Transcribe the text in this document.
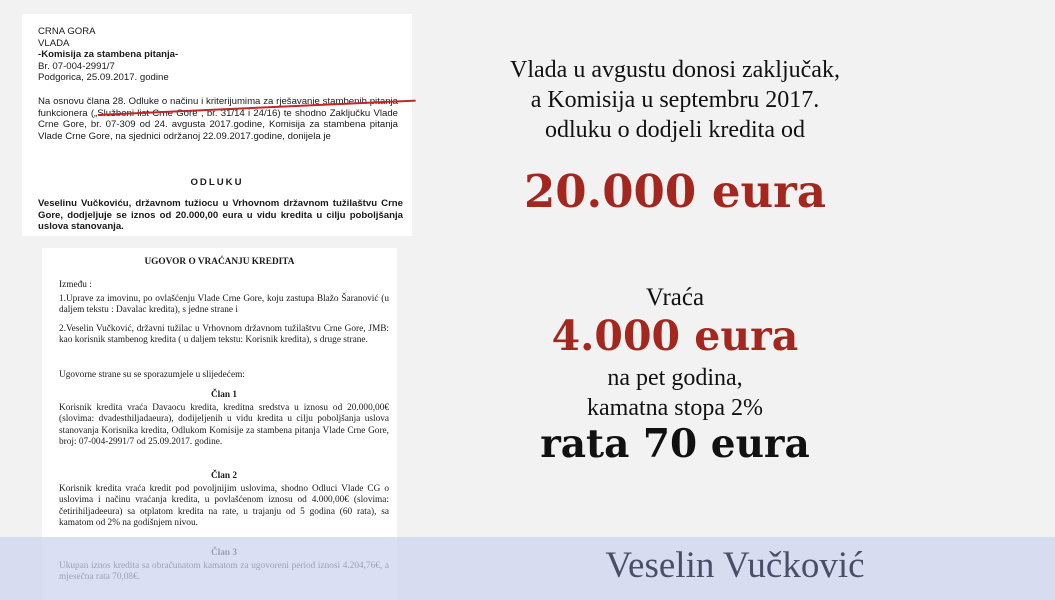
CRNA GORA
VLADA
-Komisija za stambena pitanja-
Br. 07-004-2991/7
Podgorica, 25.09.2017. godine
Na osnovu člana 28. Odluke o načinu i kriterijumima za rješavanje stambenih pitanja funkcionera („Službeni list Crne Gore", br. 31/14 i 24/16) te shodno Zaključku Vlade Crne Gore, br. 07-309 od 24. avgusta 2017.godine, Komisija za stambena pitanja Vlade Crne Gore, na sjednici održanoj 22.09.2017.godine, donijela je
ODLUKU
Veselinu Vučkoviću, državnom tužiocu u Vrhovnom državnom tužilaštvu Crne Gore, dodjeljuje se iznos od 20.000,00 eura u vidu kredita u cilju poboljšanja uslova stanovanja.
UGOVOR O VRAĆANJU KREDITA
Između :
1.Uprave za imovinu, po ovlašćenju Vlade Crne Gore, koju zastupa Blažo Šaranović (u daljem tekstu : Davalac kredita), s jedne strane i
2.Veselin Vučković, državni tužilac u Vrhovnom državnom tužilaštvu Crne Gore, JMB: kao korisnik stambenog kredita ( u daljem tekstu: Korisnik kredita), s druge strane.
Ugovorne strane su se sporazumjele u slijedećem:
Član 1
Korisnik kredita vraća Davaocu kredita, kreditna sredstva u iznosu od 20.000,00€ (slovima: dvadesthiljadaeura), dodijeljenih u vidu kredita u cilju poboljšanja uslova stanovanja Korisnika kredita, Odlukom Komisije za stambena pitanja Vlade Crne Gore, broj: 07-004-2991/7 od 25.09.2017. godine.
Član 2
Korisnik kredita vraća kredit pod povoljnijim uslovima, shodno Odluci Vlade CG o uslovima i načinu vraćanja kredita, u povlašćenom iznosu od 4.000,00€ (slovima: četirihiljadeeura) sa otplatom kredita na rate, u trajanju od 5 godina (60 rata), sa kamatom od 2% na godišnjem nivou.
Vlada u avgustu donosi zaključak,
a Komisija u septembru 2017.
odluku o dodjeli kredita od
20.000 eura
Vraća
4.000 eura
na pet godina,
kamatna stopa 2%
rata 70 eura
Veselin Vučković
